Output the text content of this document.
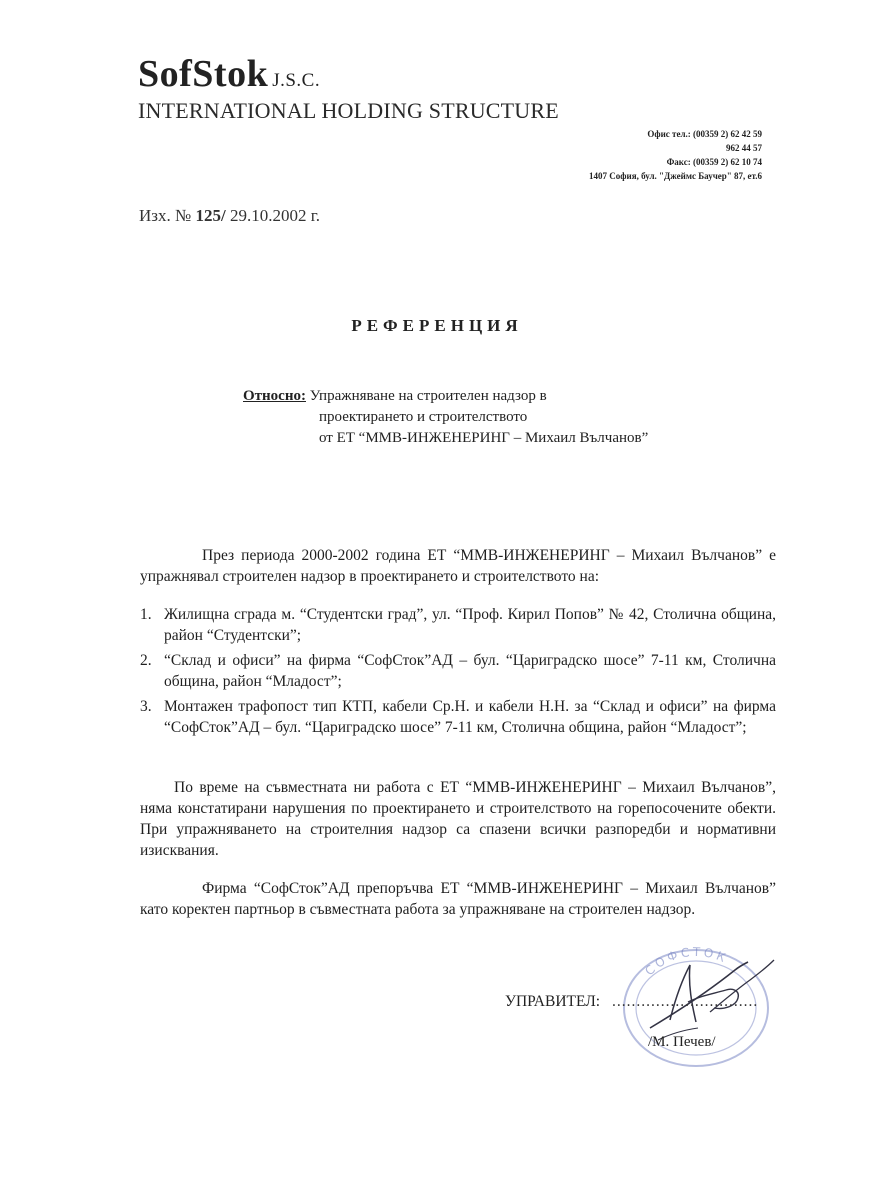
SofStok J.S.C.
INTERNATIONAL HOLDING STRUCTURE
Офис тел.: (00359 2) 62 42 59
962 44 57
Факс: (00359 2) 62 10 74
1407 София, бул. "Джеймс Баучер" 87, ет.6
Изх. № 125/ 29.10.2002 г.
РЕФЕРЕНЦИЯ
Относно: Упражняване на строителен надзор в
проектирането и строителството
от ЕТ “ММВ-ИНЖЕНЕРИНГ – Михаил Вълчанов”
През периода 2000-2002 година ЕТ “ММВ-ИНЖЕНЕРИНГ – Михаил Вълчанов” е упражнявал строителен надзор в проектирането и строителството на:
1. Жилищна сграда м. “Студентски град”, ул. “Проф. Кирил Попов” № 42, Столична община, район “Студентски”;
2. “Склад и офиси” на фирма “СофСток”АД – бул. “Цариградско шосе” 7-11 км, Столична община, район “Младост”;
3. Монтажен трафопост тип КТП, кабели Ср.Н. и кабели Н.Н. за “Склад и офиси” на фирма “СофСток”АД – бул. “Цариградско шосе” 7-11 км, Столична община, район “Младост”;
По време на съвместната ни работа с ЕТ “ММВ-ИНЖЕНЕРИНГ – Михаил Вълчанов”, няма констатирани нарушения по проектирането и строителството на горепосочените обекти. При упражняването на строителния надзор са спазени всички разпоредби и нормативни изисквания.
Фирма “СофСток”АД препоръчва ЕТ “ММВ-ИНЖЕНЕРИНГ – Михаил Вълчанов” като коректен партньор в съвместната работа за упражняване на строителен надзор.
СОФСТОК
УПРАВИТЕЛ: ..............................
/М. Печев/
